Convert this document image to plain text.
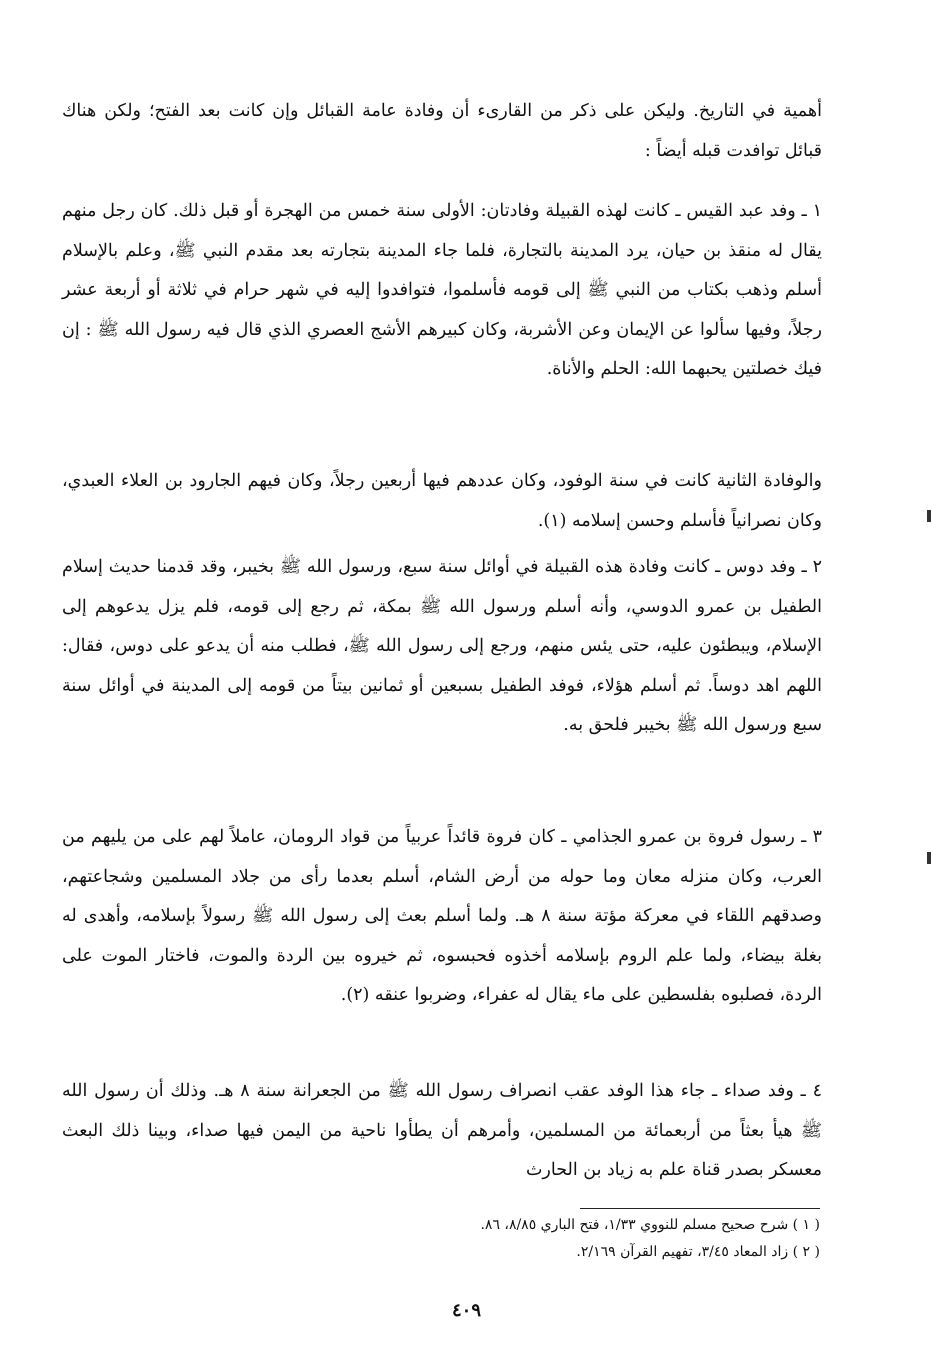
أهمية في التاريخ. وليكن على ذكر من القارىء أن وفادة عامة القبائل وإن كانت بعد الفتح؛ ولكن هناك قبائل توافدت قبله أيضاً :

١ ـ وفد عبد القيس ـ كانت لهذه القبيلة وفادتان: الأولى سنة خمس من الهجرة أو قبل ذلك. كان رجل منهم يقال له منقذ بن حيان، يرد المدينة بالتجارة، فلما جاء المدينة بتجارته بعد مقدم النبي ﷺ، وعلم بالإسلام أسلم وذهب بكتاب من النبي ﷺ إلى قومه فأسلموا، فتوافدوا إليه في شهر حرام في ثلاثة أو أربعة عشر رجلاً، وفيها سألوا عن الإيمان وعن الأشربة، وكان كبيرهم الأشج العصري الذي قال فيه رسول الله ﷺ : إن فيك خصلتين يحبهما الله: الحلم والأناة.

والوفادة الثانية كانت في سنة الوفود، وكان عددهم فيها أربعين رجلاً، وكان فيهم الجارود بن العلاء العبدي، وكان نصرانياً فأسلم وحسن إسلامه (١).

٢ ـ وفد دوس ـ كانت وفادة هذه القبيلة في أوائل سنة سبع، ورسول الله ﷺ بخيبر، وقد قدمنا حديث إسلام الطفيل بن عمرو الدوسي، وأنه أسلم ورسول الله ﷺ بمكة، ثم رجع إلى قومه، فلم يزل يدعوهم إلى الإسلام، ويبطئون عليه، حتى يئس منهم، ورجع إلى رسول الله ﷺ، فطلب منه أن يدعو على دوس، فقال: اللهم اهد دوساً. ثم أسلم هؤلاء، فوفد الطفيل بسبعين أو ثمانين بيتاً من قومه إلى المدينة في أوائل سنة سبع ورسول الله ﷺ بخيبر فلحق به.

٣ ـ رسول فروة بن عمرو الجذامي ـ كان فروة قائداً عربياً من قواد الرومان، عاملاً لهم على من يليهم من العرب، وكان منزله معان وما حوله من أرض الشام، أسلم بعدما رأى من جلاد المسلمين وشجاعتهم، وصدقهم اللقاء في معركة مؤتة سنة ٨ هـ. ولما أسلم بعث إلى رسول الله ﷺ رسولاً بإسلامه، وأهدى له بغلة بيضاء، ولما علم الروم بإسلامه أخذوه فحبسوه، ثم خيروه بين الردة والموت، فاختار الموت على الردة، فصلبوه بفلسطين على ماء يقال له عفراء، وضربوا عنقه (٢).

٤ ـ وفد صداء ـ جاء هذا الوفد عقب انصراف رسول الله ﷺ من الجعرانة سنة ٨ هـ. وذلك أن رسول الله ﷺ هيأ بعثاً من أربعمائة من المسلمين، وأمرهم أن يطأوا ناحية من اليمن فيها صداء، وبينا ذلك البعث معسكر بصدر قناة علم به زياد بن الحارث

( ١ ) شرح صحيح مسلم للنووي ١/٣٣، فتح الباري ٨/٨٥، ٨٦.
( ٢ ) زاد المعاد ٣/٤٥، تفهيم القرآن ٢/١٦٩.
٤٠٩
